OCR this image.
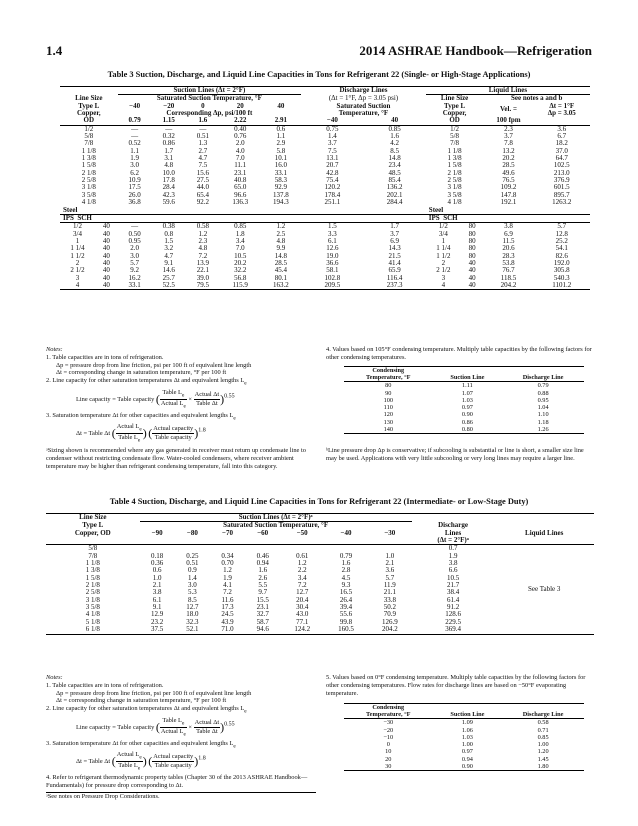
1.4	2014 ASHRAE Handbook—Refrigeration
Table 3 Suction, Discharge, and Liquid Line Capacities in Tons for Refrigerant 22 (Single- or High-Stage Applications)
		Suction Lines (Δt = 2°F)					Discharge Lines		Liquid Lines			
Line Size		Saturated Suction Temperature, °F					(Δt = 1°F, Δp = 3.05 psi)		Line Size		See notes a and b	
Type L		−40	−20	0	20	40	Saturated Suction		Type L		Vel. =	Δt = 1°F
Copper,		Corresponding Δp, psi/100 ft					Temperature, °F		Copper,			Δp = 3.05
OD		0.79	1.15	1.6	2.22	2.91	−40	40	OD		100 fpm	
1/2		—	—	—	0.40	0.6	0.75	0.85	1/2		2.3	3.6
5/8		—	0.32	0.51	0.76	1.1	1.4	1.6	5/8		3.7	6.7
7/8		0.52	0.86	1.3	2.0	2.9	3.7	4.2	7/8		7.8	18.2
1 1/8		1.1	1.7	2.7	4.0	5.8	7.5	8.5	1 1/8		13.2	37.0
1 3/8		1.9	3.1	4.7	7.0	10.1	13.1	14.8	1 3/8		20.2	64.7
1 5/8		3.0	4.8	7.5	11.1	16.0	20.7	23.4	1 5/8		28.5	102.5
2 1/8		6.2	10.0	15.6	23.1	33.1	42.8	48.5	2 1/8		49.6	213.0
2 5/8		10.9	17.8	27.5	40.8	58.3	75.4	85.4	2 5/8		76.5	376.9
3 1/8		17.5	28.4	44.0	65.0	92.9	120.2	136.2	3 1/8		109.2	601.5
3 5/8		26.0	42.3	65.4	96.6	137.8	178.4	202.1	3 5/8		147.8	895.7
4 1/8		36.8	59.6	92.2	136.3	194.3	251.1	284.4	4 1/8		192.1	1263.2
Steel									Steel			
IPS SCH									IPS SCH			
1/2	40	—	0.38	0.58	0.85	1.2	1.5	1.7	1/2	80	3.8	5.7
3/4	40	0.50	0.8	1.2	1.8	2.5	3.3	3.7	3/4	80	6.9	12.8
1	40	0.95	1.5	2.3	3.4	4.8	6.1	6.9	1	80	11.5	25.2
1 1/4	40	2.0	3.2	4.8	7.0	9.9	12.6	14.3	1 1/4	80	20.6	54.1
1 1/2	40	3.0	4.7	7.2	10.5	14.8	19.0	21.5	1 1/2	80	28.3	82.6
2	40	5.7	9.1	13.9	20.2	28.5	36.6	41.4	2	40	53.8	192.0
2 1/2	40	9.2	14.6	22.1	32.2	45.4	58.1	65.9	2 1/2	40	76.7	305.8
3	40	16.2	25.7	39.0	56.8	80.1	102.8	116.4	3	40	118.5	540.3
4	40	33.1	52.5	79.5	115.9	163.2	209.5	237.3	4	40	204.2	1101.2

Notes:

1. Table capacities are in tons of refrigeration.

Δp = pressure drop from line friction, psi per 100 ft of equivalent line length

Δt = corresponding change in saturation temperature, °F per 100 ft

2. Line capacity for other saturation temperatures Δt and equivalent lengths $L_e$

Line capacity = Table capacity ( $\frac{Table L_e}{Actual L_e} \times \frac{\text{Actual Δt}}{\text{Table Δt}} )^{0.55}$

3. Saturation temperature Δt for other capacities and equivalent lengths $L_e$

Δt = Table Δt ( $\frac{Actual L_e}{Table L_e}$ ) ( $\frac{\text{Actual capacity}}{\text{Table capacity}} )^{1.8}$

ᵃSizing shown is recommended where any gas generated in receiver must return up condensate line to condenser without restricting condensate flow. Water-cooled condensers, where receiver ambient temperature may be higher than refrigerant condensing temperature, fall into this category.
4. Values based on 105°F condensing temperature. Multiply table capacities by the following factors for other condensing temperatures.
Condensing	Suction Line	Discharge Line
Temperature, °F		
80	1.11	0.79
90	1.07	0.88
100	1.03	0.95
110	0.97	1.04
120	0.90	1.10
130	0.86	1.18
140	0.80	1.26
ᵇLine pressure drop Δp is conservative; if subcooling is substantial or line is short, a smaller size line may be used. Applications with very little subcooling or very long lines may require a larger line.
Table 4 Suction, Discharge, and Liquid Line Capacities in Tons for Refrigerant 22 (Intermediate- or Low-Stage Duty)
Line Size	Suction Lines (Δt = 2°F)ᵃ							Discharge	
Type L	Saturated Suction Temperature, °F								
Copper, OD	−90	−80	−70	−60	−50	−40	−30	Lines
(Δt = 2°F)ᵃ	Liquid Lines
5/8								0.7	See Table 3
7/8	0.18	0.25	0.34	0.46	0.61	0.79	1.0	1.9	
1 1/8	0.36	0.51	0.70	0.94	1.2	1.6	2.1	3.8	
1 3/8	0.6	0.9	1.2	1.6	2.2	2.8	3.6	6.6	
1 5/8	1.0	1.4	1.9	2.6	3.4	4.5	5.7	10.5	
2 1/8	2.1	3.0	4.1	5.5	7.2	9.3	11.9	21.7	
2 5/8	3.8	5.3	7.2	9.7	12.7	16.5	21.1	38.4	
3 1/8	6.1	8.5	11.6	15.5	20.4	26.4	33.8	61.4	
3 5/8	9.1	12.7	17.3	23.1	30.4	39.4	50.2	91.2	
4 1/8	12.9	18.0	24.5	32.7	43.0	55.6	70.9	128.6	
5 1/8	23.2	32.3	43.9	58.7	77.1	99.8	126.9	229.5	
6 1/8	37.5	52.1	71.0	94.6	124.2	160.5	204.2	369.4	

Notes:

1. Table capacities are in tons of refrigeration.

Δp = pressure drop from line friction, psi per 100 ft of equivalent line length

Δt = corresponding change in saturation temperature, °F per 100 ft

2. Line capacity for other saturation temperatures Δt and equivalent lengths $L_e$

Line capacity = Table capacity ( $\frac{Table L_e}{Actual L_e} \times \frac{\text{Actual Δt}}{\text{Table Δt}} )^{0.55}$

3. Saturation temperature Δt for other capacities and equivalent lengths $L_e$

Δt = Table Δt ( $\frac{Actual L_e}{Table L_e}$ ) ( $\frac{\text{Actual capacity}}{\text{Table capacity}} )^{1.8}$

4. Refer to refrigerant thermodynamic property tables (Chapter 30 of the 2013 ASHRAE Handbook—Fundamentals) for pressure drop corresponding to Δt.

ᵃSee notes on Pressure Drop Considerations.

5. Values based on 0°F condensing temperature. Multiply table capacities by the following factors for other condensing temperatures. Flow rates for discharge lines are based on −50°F evaporating temperature.
Condensing	Suction Line	Discharge Line
Temperature, °F		
−30	1.09	0.58
−20	1.06	0.71
−10	1.03	0.85
0	1.00	1.00
10	0.97	1.20
20	0.94	1.45
30	0.90	1.80
